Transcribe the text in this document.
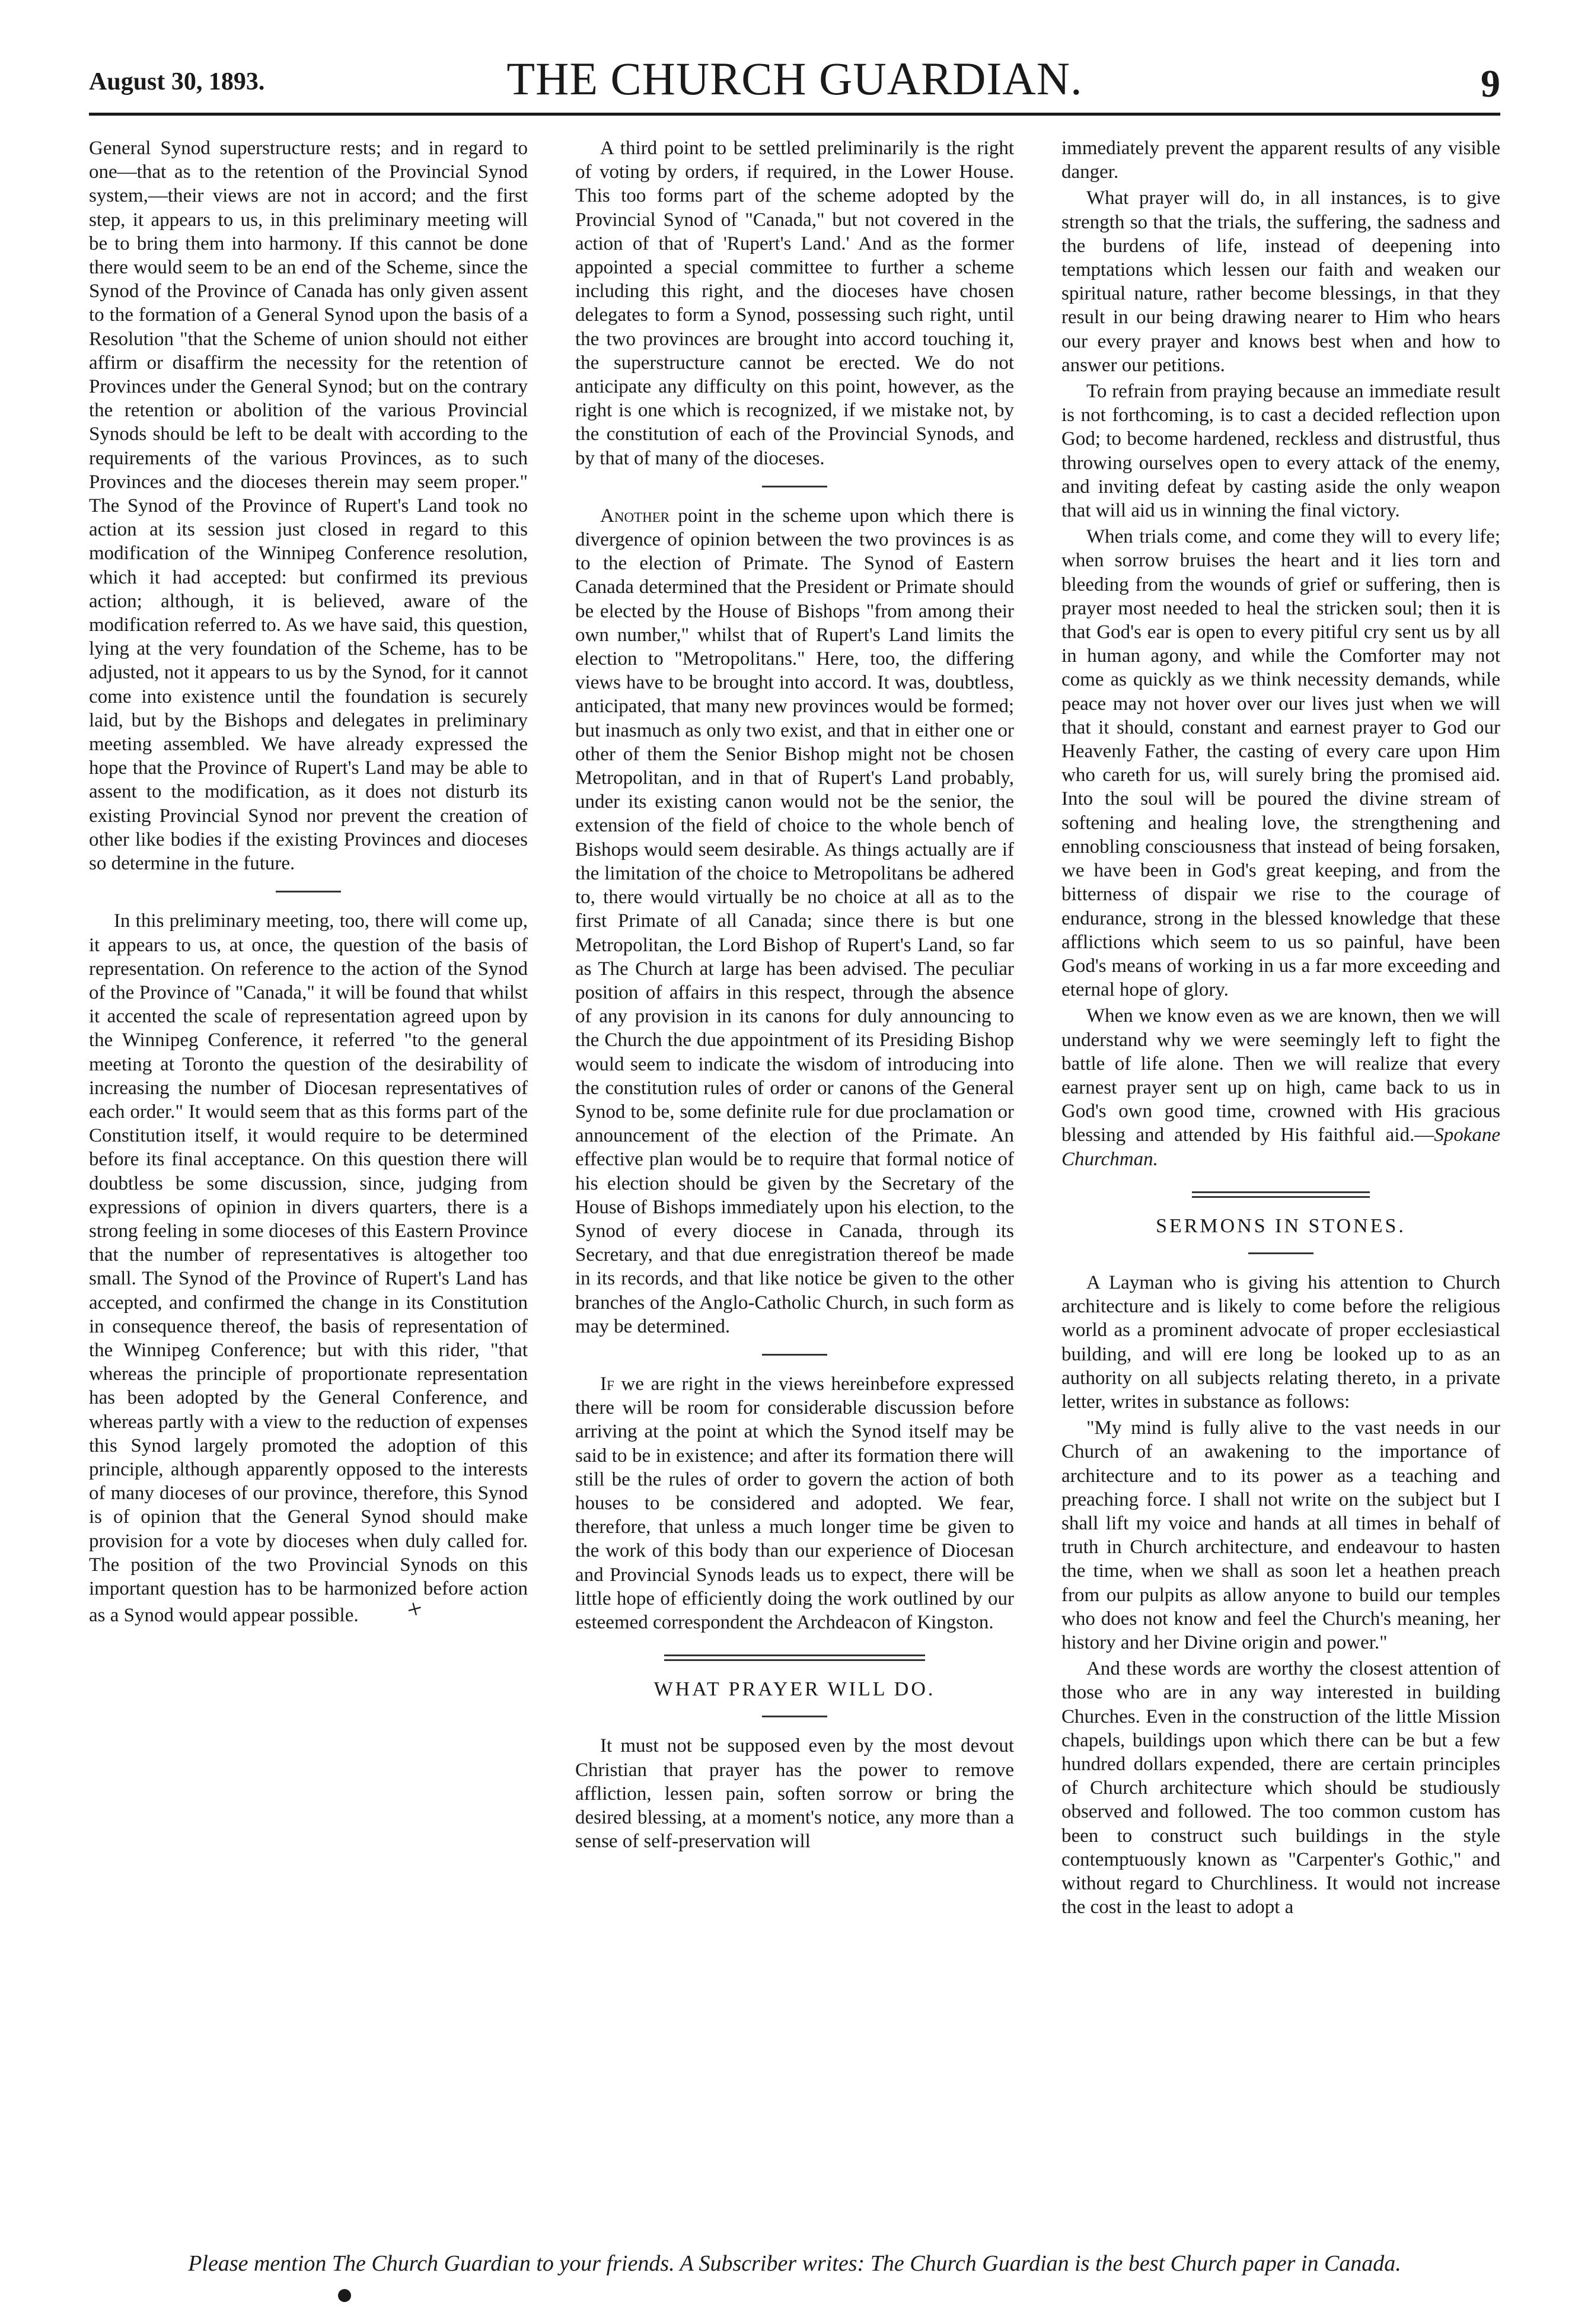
August 30, 1893.	THE CHURCH GUARDIAN.	9

General Synod superstructure rests; and in regard to one—that as to the retention of the Provincial Synod system,—their views are not in accord; and the first step, it appears to us, in this preliminary meeting will be to bring them into harmony. If this cannot be done there would seem to be an end of the Scheme, since the Synod of the Province of Canada has only given assent to the formation of a General Synod upon the basis of a Resolution "that the Scheme of union should not either affirm or disaffirm the necessity for the retention of Provinces under the General Synod; but on the contrary the retention or abolition of the various Provincial Synods should be left to be dealt with according to the requirements of the various Provinces, as to such Provinces and the dioceses therein may seem proper." The Synod of the Province of Rupert's Land took no action at its session just closed in regard to this modification of the Winnipeg Conference resolution, which it had accepted: but confirmed its previous action; although, it is believed, aware of the modification referred to. As we have said, this question, lying at the very foundation of the Scheme, has to be adjusted, not it appears to us by the Synod, for it cannot come into existence until the foundation is securely laid, but by the Bishops and delegates in preliminary meeting assembled. We have already expressed the hope that the Province of Rupert's Land may be able to assent to the modification, as it does not disturb its existing Provincial Synod nor prevent the creation of other like bodies if the existing Provinces and dioceses so determine in the future.

In this preliminary meeting, too, there will come up, it appears to us, at once, the question of the basis of representation. On reference to the action of the Synod of the Province of "Canada," it will be found that whilst it accented the scale of representation agreed upon by the Winnipeg Conference, it referred "to the general meeting at Toronto the question of the desirability of increasing the number of Diocesan representatives of each order." It would seem that as this forms part of the Constitution itself, it would require to be determined before its final acceptance. On this question there will doubtless be some discussion, since, judging from expressions of opinion in divers quarters, there is a strong feeling in some dioceses of this Eastern Province that the number of representatives is altogether too small. The Synod of the Province of Rupert's Land has accepted, and confirmed the change in its Constitution in consequence thereof, the basis of representation of the Winnipeg Conference; but with this rider, "that whereas the principle of proportionate representation has been adopted by the General Conference, and whereas partly with a view to the reduction of expenses this Synod largely promoted the adoption of this principle, although apparently opposed to the interests of many dioceses of our province, therefore, this Synod is of opinion that the General Synod should make provision for a vote by dioceses when duly called for. The position of the two Provincial Synods on this important question has to be harmonized before action as a Synod would appear possible. +

A third point to be settled preliminarily is the right of voting by orders, if required, in the Lower House. This too forms part of the scheme adopted by the Provincial Synod of "Canada," but not covered in the action of that of 'Rupert's Land.' And as the former appointed a special committee to further a scheme including this right, and the dioceses have chosen delegates to form a Synod, possessing such right, until the two provinces are brought into accord touching it, the superstructure cannot be erected. We do not anticipate any difficulty on this point, however, as the right is one which is recognized, if we mistake not, by the constitution of each of the Provincial Synods, and by that of many of the dioceses.

Another point in the scheme upon which there is divergence of opinion between the two provinces is as to the election of Primate. The Synod of Eastern Canada determined that the President or Primate should be elected by the House of Bishops "from among their own number," whilst that of Rupert's Land limits the election to "Metropolitans." Here, too, the differing views have to be brought into accord. It was, doubtless, anticipated, that many new provinces would be formed; but inasmuch as only two exist, and that in either one or other of them the Senior Bishop might not be chosen Metropolitan, and in that of Rupert's Land probably, under its existing canon would not be the senior, the extension of the field of choice to the whole bench of Bishops would seem desirable. As things actually are if the limitation of the choice to Metropolitans be adhered to, there would virtually be no choice at all as to the first Primate of all Canada; since there is but one Metropolitan, the Lord Bishop of Rupert's Land, so far as The Church at large has been advised. The peculiar position of affairs in this respect, through the absence of any provision in its canons for duly announcing to the Church the due appointment of its Presiding Bishop would seem to indicate the wisdom of introducing into the constitution rules of order or canons of the General Synod to be, some definite rule for due proclamation or announcement of the election of the Primate. An effective plan would be to require that formal notice of his election should be given by the Secretary of the House of Bishops immediately upon his election, to the Synod of every diocese in Canada, through its Secretary, and that due enregistration thereof be made in its records, and that like notice be given to the other branches of the Anglo-Catholic Church, in such form as may be determined.

If we are right in the views hereinbefore expressed there will be room for considerable discussion before arriving at the point at which the Synod itself may be said to be in existence; and after its formation there will still be the rules of order to govern the action of both houses to be considered and adopted. We fear, therefore, that unless a much longer time be given to the work of this body than our experience of Diocesan and Provincial Synods leads us to expect, there will be little hope of efficiently doing the work outlined by our esteemed correspondent the Archdeacon of Kingston.

WHAT PRAYER WILL DO.

It must not be supposed even by the most devout Christian that prayer has the power to remove affliction, lessen pain, soften sorrow or bring the desired blessing, at a moment's notice, any more than a sense of self-preservation will

immediately prevent the apparent results of any visible danger.

What prayer will do, in all instances, is to give strength so that the trials, the suffering, the sadness and the burdens of life, instead of deepening into temptations which lessen our faith and weaken our spiritual nature, rather become blessings, in that they result in our being drawing nearer to Him who hears our every prayer and knows best when and how to answer our petitions.

To refrain from praying because an immediate result is not forthcoming, is to cast a decided reflection upon God; to become hardened, reckless and distrustful, thus throwing ourselves open to every attack of the enemy, and inviting defeat by casting aside the only weapon that will aid us in winning the final victory.

When trials come, and come they will to every life; when sorrow bruises the heart and it lies torn and bleeding from the wounds of grief or suffering, then is prayer most needed to heal the stricken soul; then it is that God's ear is open to every pitiful cry sent us by all in human agony, and while the Comforter may not come as quickly as we think necessity demands, while peace may not hover over our lives just when we will that it should, constant and earnest prayer to God our Heavenly Father, the casting of every care upon Him who careth for us, will surely bring the promised aid. Into the soul will be poured the divine stream of softening and healing love, the strengthening and ennobling consciousness that instead of being forsaken, we have been in God's great keeping, and from the bitterness of dispair we rise to the courage of endurance, strong in the blessed knowledge that these afflictions which seem to us so painful, have been God's means of working in us a far more exceeding and eternal hope of glory.

When we know even as we are known, then we will understand why we were seemingly left to fight the battle of life alone. Then we will realize that every earnest prayer sent up on high, came back to us in God's own good time, crowned with His gracious blessing and attended by His faithful aid.—Spokane Churchman.

SERMONS IN STONES.

A Layman who is giving his attention to Church architecture and is likely to come before the religious world as a prominent advocate of proper ecclesiastical building, and will ere long be looked up to as an authority on all subjects relating thereto, in a private letter, writes in substance as follows:

"My mind is fully alive to the vast needs in our Church of an awakening to the importance of architecture and to its power as a teaching and preaching force. I shall not write on the subject but I shall lift my voice and hands at all times in behalf of truth in Church architecture, and endeavour to hasten the time, when we shall as soon let a heathen preach from our pulpits as allow anyone to build our temples who does not know and feel the Church's meaning, her history and her Divine origin and power."

And these words are worthy the closest attention of those who are in any way interested in building Churches. Even in the construction of the little Mission chapels, buildings upon which there can be but a few hundred dollars expended, there are certain principles of Church architecture which should be studiously observed and followed. The too common custom has been to construct such buildings in the style contemptuously known as "Carpenter's Gothic," and without regard to Churchliness. It would not increase the cost in the least to adopt a

Please mention The Church Guardian to your friends. A Subscriber writes: The Church Guardian is the best Church paper in Canada.
